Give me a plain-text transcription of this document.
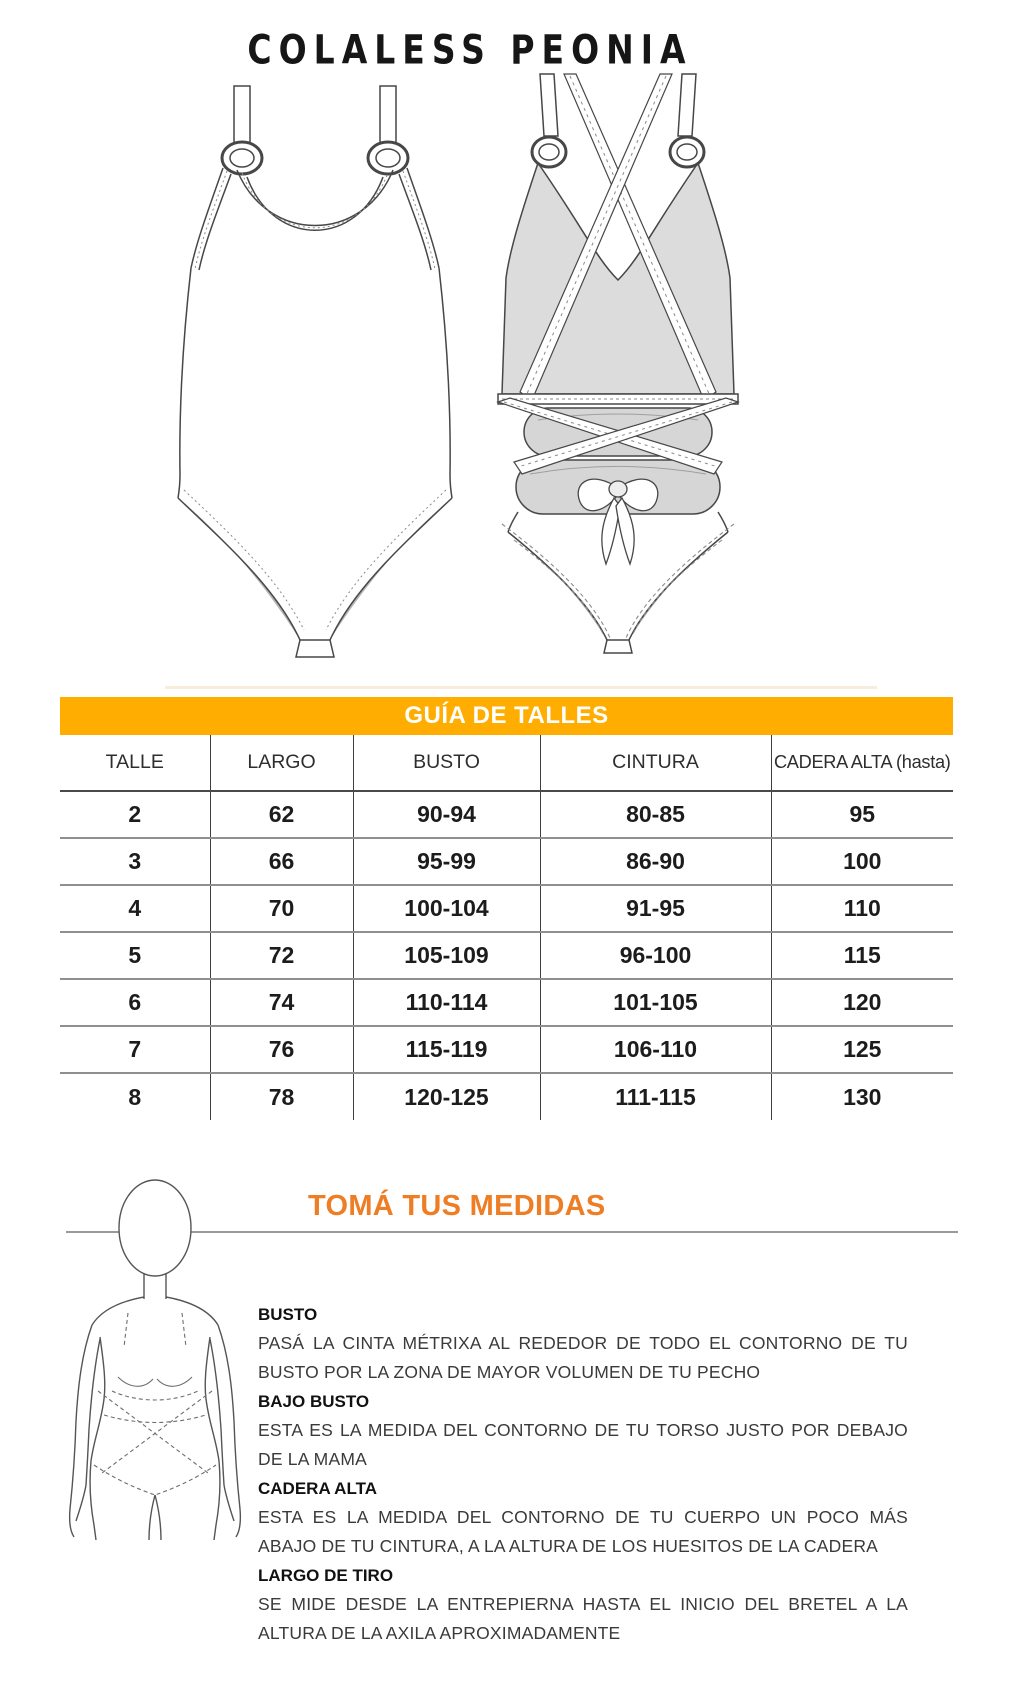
COLALESS PEONIA
GUÍA DE TALLES				
TALLE	LARGO	BUSTO	CINTURA	CADERA ALTA (hasta)
2	62	90-94	80-85	95
3	66	95-99	86-90	100
4	70	100-104	91-95	110
5	72	105-109	96-100	115
6	74	110-114	101-105	120
7	76	115-119	106-110	125
8	78	120-125	111-115	130
TOMÁ TUS MEDIDAS
BUSTO
PASÁ LA CINTA MÉTRIXA AL REDEDOR DE TODO EL CONTORNO DE TU BUSTO POR LA ZONA DE MAYOR VOLUMEN DE TU PECHO
BAJO BUSTO
ESTA ES LA MEDIDA DEL CONTORNO DE TU TORSO JUSTO POR DEBAJO DE LA MAMA
CADERA ALTA
ESTA ES LA MEDIDA DEL CONTORNO DE TU CUERPO UN POCO MÁS ABAJO DE TU CINTURA, A LA ALTURA DE LOS HUESITOS DE LA CADERA
LARGO DE TIRO
SE MIDE DESDE LA ENTREPIERNA HASTA EL INICIO DEL BRETEL A LA ALTURA DE LA AXILA APROXIMADAMENTE
